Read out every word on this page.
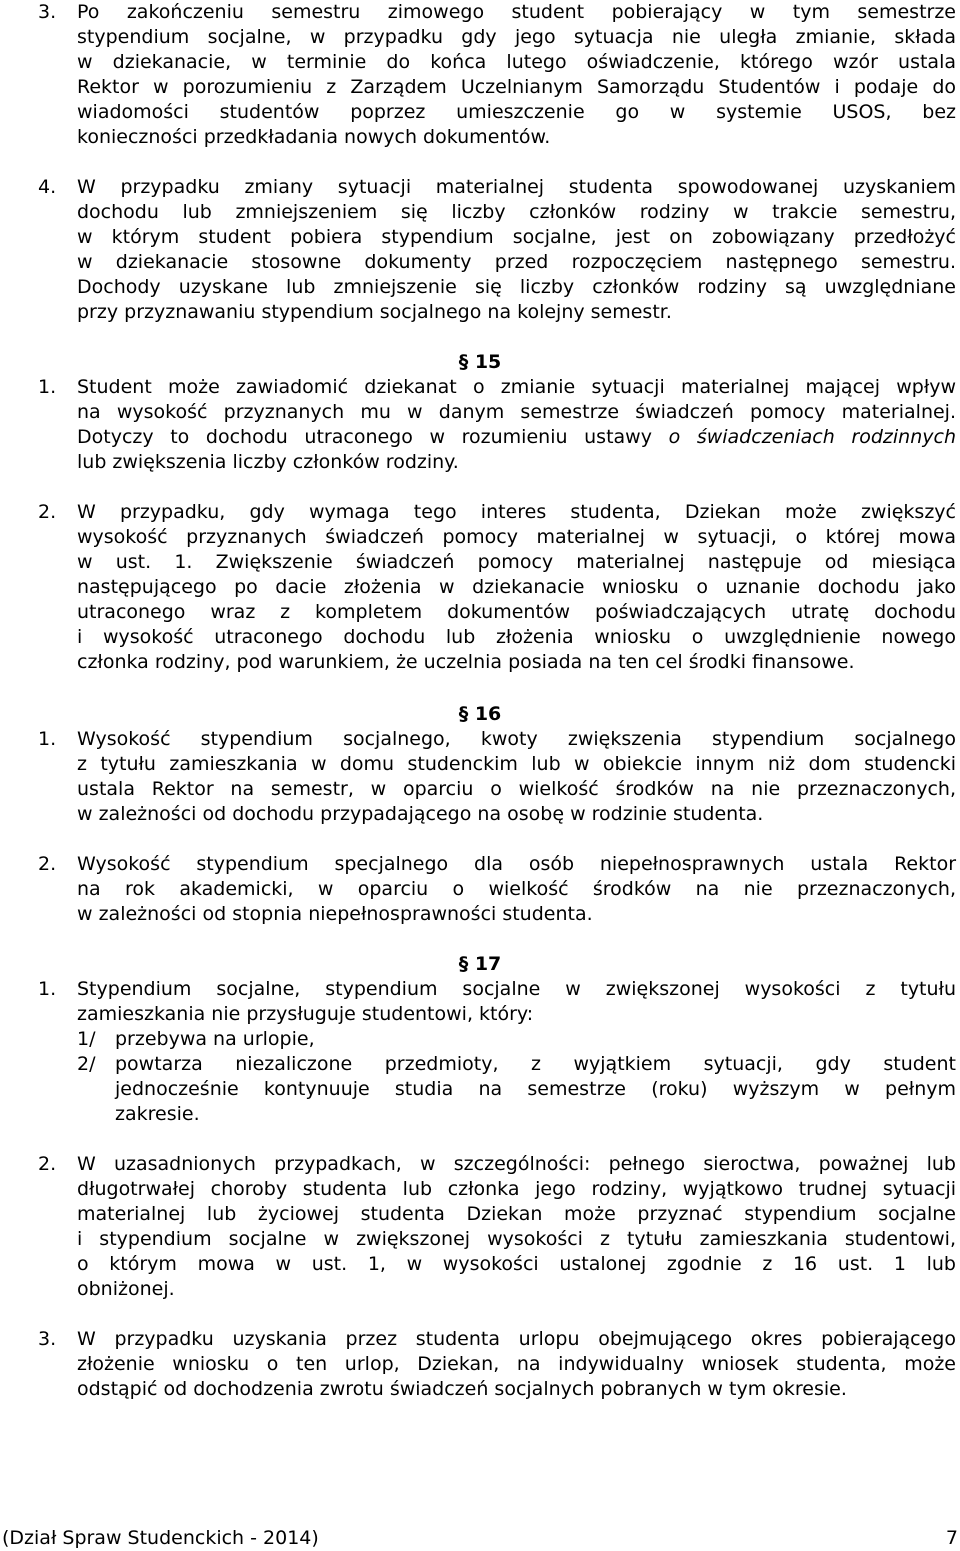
3. Po zakończeniu semestru zimowego student pobierający w tym semestrze
stypendium socjalne, w przypadku gdy jego sytuacja nie uległa zmianie, składa
w dziekanacie, w terminie do końca lutego oświadczenie, którego wzór ustala
Rektor w porozumieniu z Zarządem Uczelnianym Samorządu Studentów i podaje do
wiadomości studentów poprzez umieszczenie go w systemie USOS, bez
konieczności przedkładania nowych dokumentów.
4. W przypadku zmiany sytuacji materialnej studenta spowodowanej uzyskaniem
dochodu lub zmniejszeniem się liczby członków rodziny w trakcie semestru,
w którym student pobiera stypendium socjalne, jest on zobowiązany przedłożyć
w dziekanacie stosowne dokumenty przed rozpoczęciem następnego semestru.
Dochody uzyskane lub zmniejszenie się liczby członków rodziny są uwzględniane
przy przyznawaniu stypendium socjalnego na kolejny semestr.
§ 15
1. Student może zawiadomić dziekanat o zmianie sytuacji materialnej mającej wpływ
na wysokość przyznanych mu w danym semestrze świadczeń pomocy materialnej.
Dotyczy to dochodu utraconego w rozumieniu ustawy o świadczeniach rodzinnych
lub zwiększenia liczby członków rodziny.
2. W przypadku, gdy wymaga tego interes studenta, Dziekan może zwiększyć
wysokość przyznanych świadczeń pomocy materialnej w sytuacji, o której mowa
w ust. 1. Zwiększenie świadczeń pomocy materialnej następuje od miesiąca
następującego po dacie złożenia w dziekanacie wniosku o uznanie dochodu jako
utraconego wraz z kompletem dokumentów poświadczających utratę dochodu
i wysokość utraconego dochodu lub złożenia wniosku o uwzględnienie nowego
członka rodziny, pod warunkiem, że uczelnia posiada na ten cel środki finansowe.
§ 16
1. Wysokość stypendium socjalnego, kwoty zwiększenia stypendium socjalnego
z tytułu zamieszkania w domu studenckim lub w obiekcie innym niż dom studencki
ustala Rektor na semestr, w oparciu o wielkość środków na nie przeznaczonych,
w zależności od dochodu przypadającego na osobę w rodzinie studenta.
2. Wysokość stypendium specjalnego dla osób niepełnosprawnych ustala Rektor
na rok akademicki, w oparciu o wielkość środków na nie przeznaczonych,
w zależności od stopnia niepełnosprawności studenta.
§ 17
1. Stypendium socjalne, stypendium socjalne w zwiększonej wysokości z tytułu
zamieszkania nie przysługuje studentowi, który:
1/ przebywa na urlopie,
2/ powtarza niezaliczone przedmioty, z wyjątkiem sytuacji, gdy student
jednocześnie kontynuuje studia na semestrze (roku) wyższym w pełnym
zakresie.
2. W uzasadnionych przypadkach, w szczególności: pełnego sieroctwa, poważnej lub
długotrwałej choroby studenta lub członka jego rodziny, wyjątkowo trudnej sytuacji
materialnej lub życiowej studenta Dziekan może przyznać stypendium socjalne
i stypendium socjalne w zwiększonej wysokości z tytułu zamieszkania studentowi,
o którym mowa w ust. 1, w wysokości ustalonej zgodnie z 16 ust. 1 lub
obniżonej.
3. W przypadku uzyskania przez studenta urlopu obejmującego okres pobierającego
złożenie wniosku o ten urlop, Dziekan, na indywidualny wniosek studenta, może
odstąpić od dochodzenia zwrotu świadczeń socjalnych pobranych w tym okresie.
(Dział Spraw Studenckich - 2014)	7
